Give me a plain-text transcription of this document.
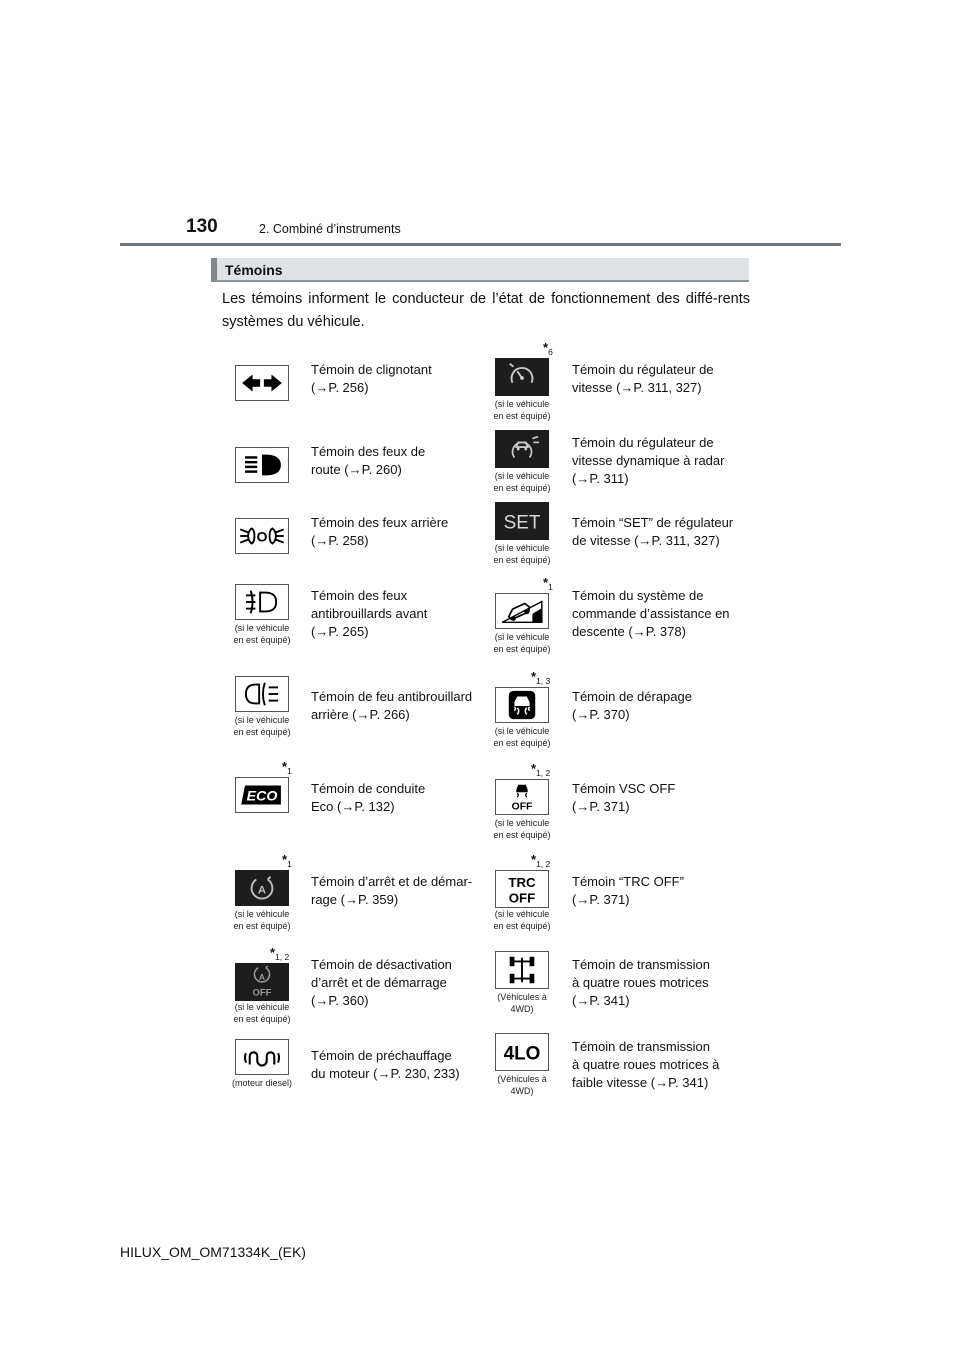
130	2. Combiné d’instruments
Témoins
Les témoins informent le conducteur de l’état de fonctionnement des diffé-rents systèmes du véhicule.
Témoin de clignotant
(→P. 256)
Témoin des feux de
route (→P. 260)
O
Témoin des feux arrière
(→P. 258)
(si le véhicule
en est équipé)
Témoin des feux
antibrouillards avant
(→P. 265)
(si le véhicule
en est équipé)
Témoin de feu antibrouillard
arrière (→P. 266)
$*_1$
ECO
Témoin de conduite
Eco (→P. 132)
$*_1$
A
(si le véhicule
en est équipé)
Témoin d’arrêt et de démar-
rage (→P. 359)
$*_{1, 2}$
A
OFF
(si le véhicule
en est équipé)
Témoin de désactivation
d’arrêt et de démarrage
(→P. 360)
(moteur diesel)
Témoin de préchauffage
du moteur (→P. 230, 233)
$*_6$
(si le véhicule
en est équipé)
Témoin du régulateur de
vitesse (→P. 311, 327)
(si le véhicule
en est équipé)
Témoin du régulateur de
vitesse dynamique à radar
(→P. 311)
SET
(si le véhicule
en est équipé)
Témoin “SET” de régulateur
de vitesse (→P. 311, 327)
$*_1$
(si le véhicule
en est équipé)
Témoin du système de
commande d’assistance en
descente (→P. 378)
$*_{1, 3}$
(si le véhicule
en est équipé)
Témoin de dérapage
(→P. 370)
$*_{1, 2}$
OFF
(si le véhicule
en est équipé)
Témoin VSC OFF
(→P. 371)
$*_{1, 2}$
TRC
OFF
(si le véhicule
en est équipé)
Témoin “TRC OFF”
(→P. 371)
(Véhicules à
4WD)
Témoin de transmission
à quatre roues motrices
(→P. 341)
4LO
(Véhicules à
4WD)
Témoin de transmission
à quatre roues motrices à
faible vitesse (→P. 341)
HILUX_OM_OM71334K_(EK)
